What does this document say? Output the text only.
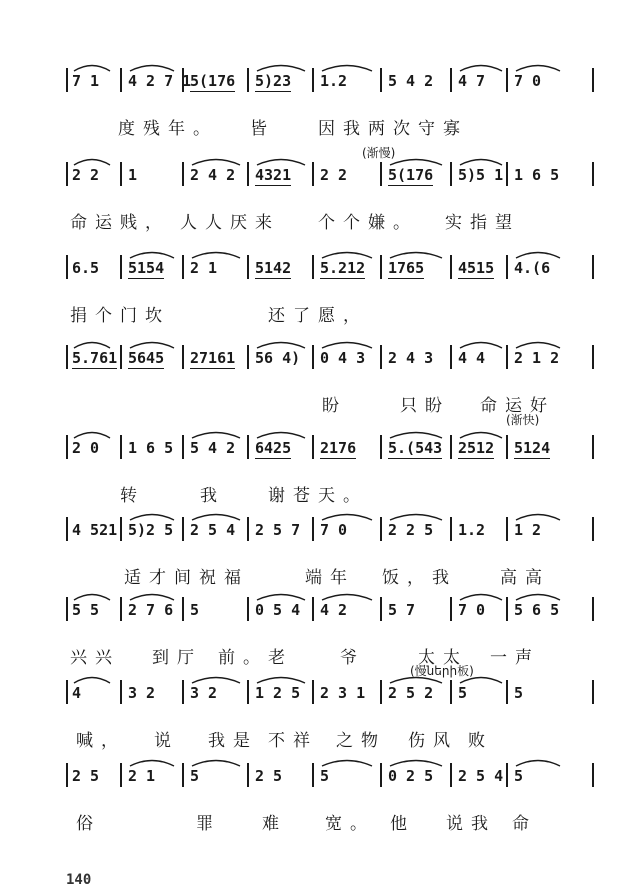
7 1 4 2 7 1
5(176 5)23 1.2	5 4 2 4 7 7 0
度残年。 皆	因我两次守寡
2 2 1	2 4 2 4321 2 2	5(176 5)5 1 1 6 5
命运贱， 人人厌来 个个嫌。 实指望
(渐慢)
6.5 5154 2 1	5142 5.212 1765 4515 4.(6
捐个门坎	还了愿，
5.761 5645 27161 56 4) 0 4 3 2 4 3 4 4 2 1 2
盼	只盼 命运好
2 0 1 6 5 5 4 2 6425 2176 5.(543 2512 5124
转	我	谢苍天。
(渐快)
4 521 5)2 5 2 5 4 2 5 7 7 0	2 2 5 1.2 1 2
适才间祝福	端年 饭，我	高高
5 5 2 7 6 5	0 5 4 4 2	5 7	7 0 5 6 5
兴兴 到厅 前。 老	爷	太太 一声
4	3 2 3 2	1 2 5 2 3 1 2 5 2 5	5
喊， 说 我是 不祥 之物 伤风 败
(慢ների板)
2 5 2 1 5	2 5	5	0 2 5 2 5 4 5
俗	罪 难 宽。 他 说我 命
140
